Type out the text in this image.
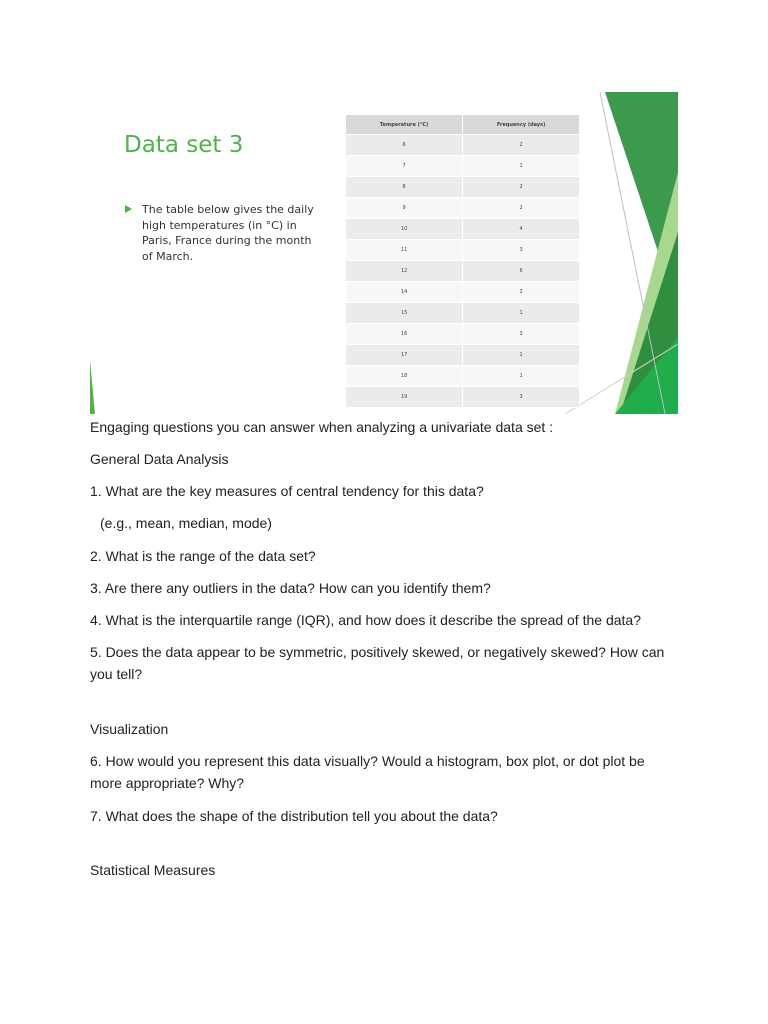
Data set 3
The table below gives the daily high temperatures (in °C) in Paris, France during the month of March.
Temperature (°C)	Frequency (days)
6	2
7	1
8	2
9	2
10	4
11	3
12	6
14	2
15	1
16	3
17	1
18	1
19	3

Engaging questions you can answer when analyzing a univariate data set :

General Data Analysis

1. What are the key measures of central tendency for this data?

(e.g., mean, median, mode)

2. What is the range of the data set?

3. Are there any outliers in the data? How can you identify them?

4. What is the interquartile range (IQR), and how does it describe the spread of the data?

5. Does the data appear to be symmetric, positively skewed, or negatively skewed? How can you tell?

Visualization

6. How would you represent this data visually? Would a histogram, box plot, or dot plot be more appropriate? Why?

7. What does the shape of the distribution tell you about the data?

Statistical Measures
